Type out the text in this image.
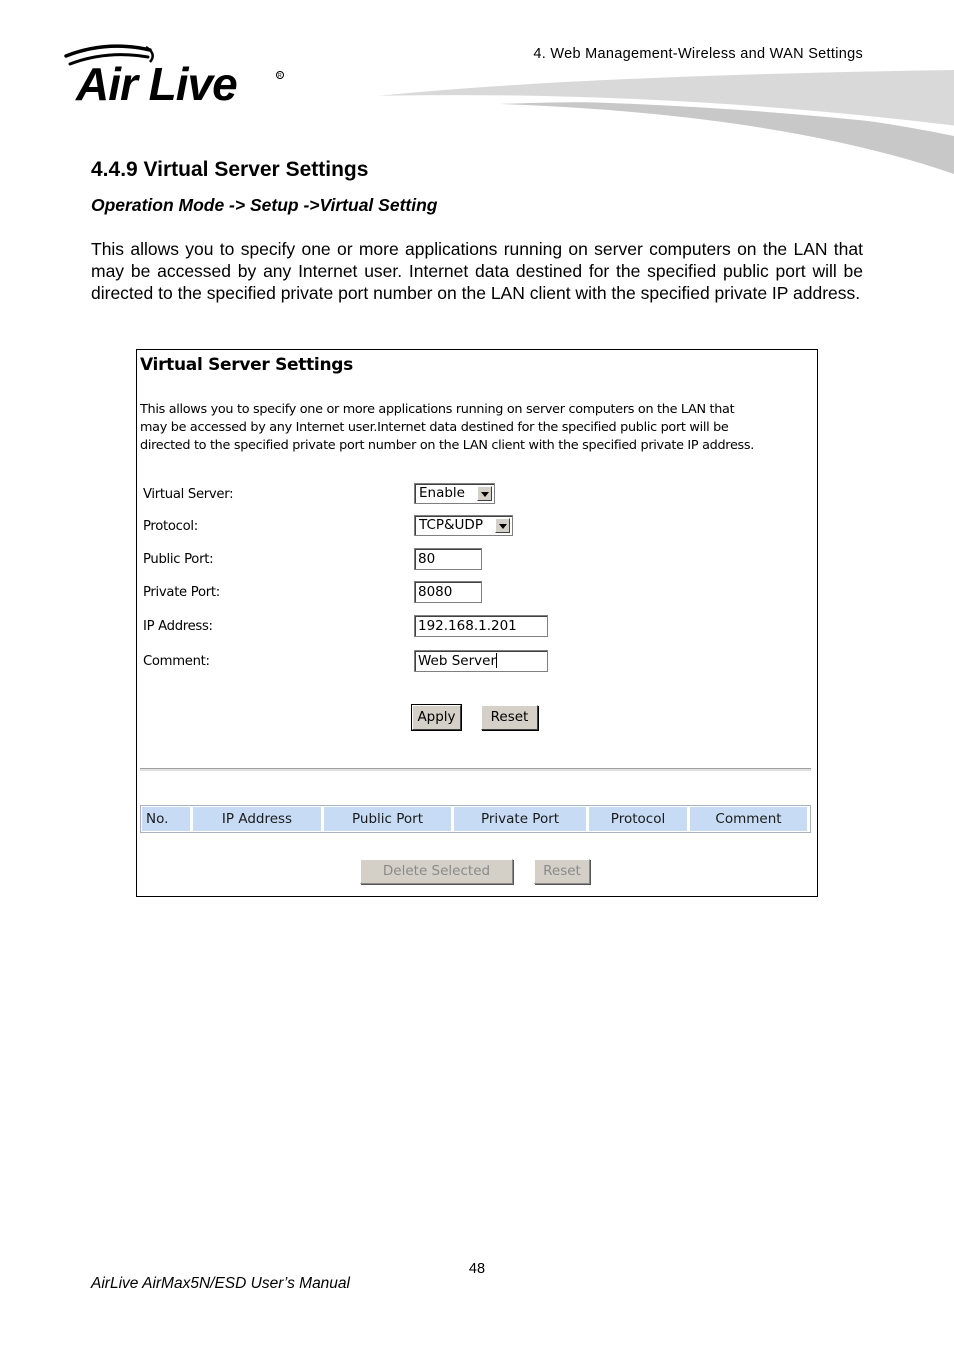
4. Web Management-Wireless and WAN Settings
Air Live	R
4.4.9 Virtual Server Settings
Operation Mode -> Setup ->Virtual Setting
This allows you to specify one or more applications running on server computers on the LAN that may be accessed by any Internet user. Internet data destined for the specified public port will be directed to the specified private port number on the LAN client with the specified private IP address.
Virtual Server Settings
This allows you to specify one or more applications running on server computers on the LAN that
may be accessed by any Internet user.Internet data destined for the specified public port will be
directed to the specified private port number on the LAN client with the specified private IP address.
Virtual Server:	Enable
Protocol:	TCP&UDP
Public Port:	80
Private Port:	8080
IP Address:	192.168.1.201
Comment:	Web Server
Apply	Reset
No.	IP Address	Public Port	Private Port	Protocol	Comment
Delete Selected	Reset
48
AirLive AirMax5N/ESD User’s Manual
